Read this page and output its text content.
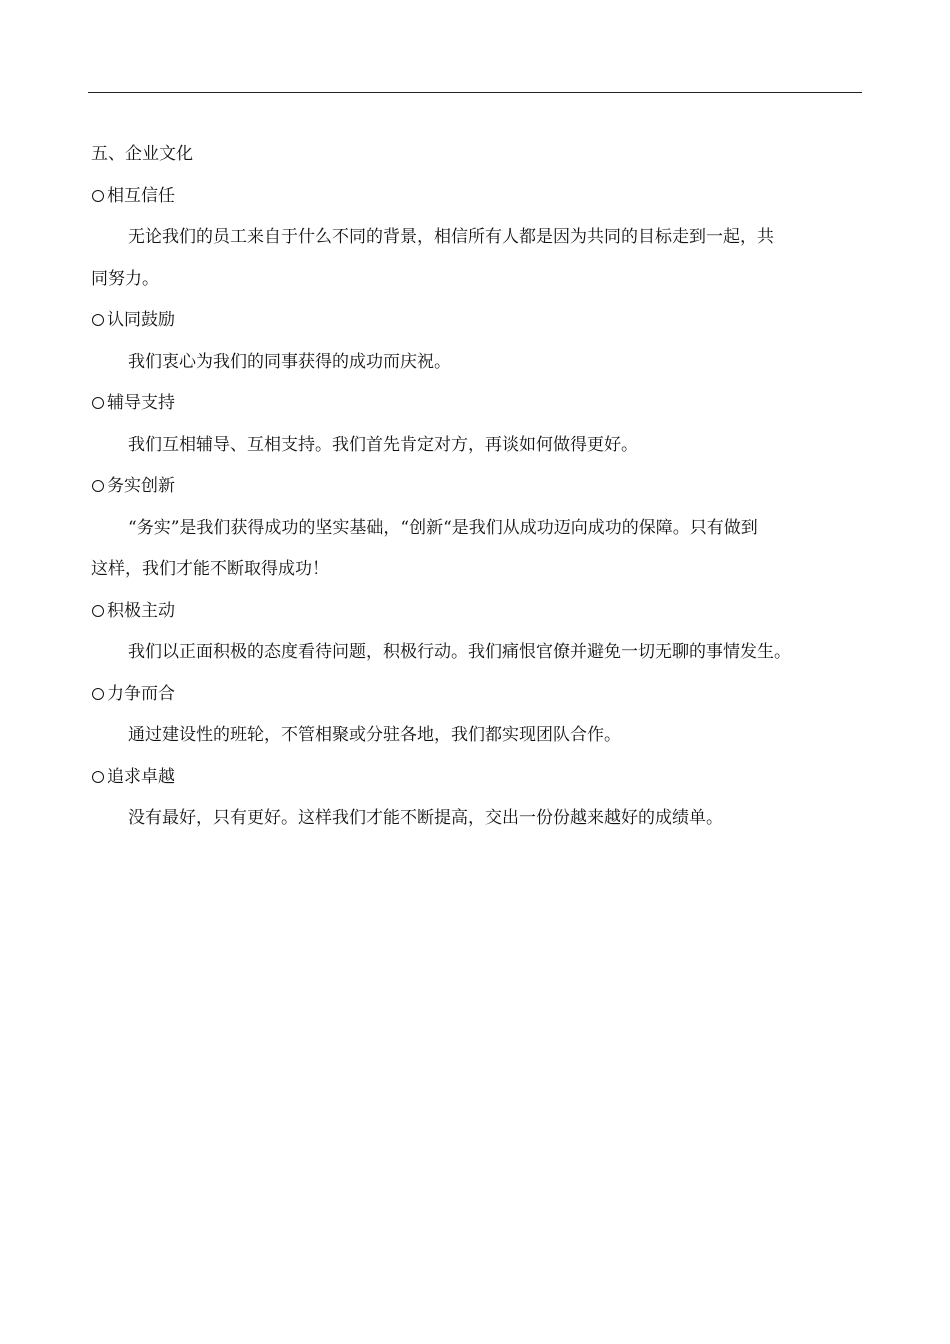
五、企业文化
相互信任
无论我们的员工来自于什么不同的背景，相信所有人都是因为共同的目标走到一起，共
同努力。
认同鼓励
我们衷心为我们的同事获得的成功而庆祝。
辅导支持
我们互相辅导、互相支持。我们首先肯定对方，再谈如何做得更好。
务实创新
“务实”是我们获得成功的坚实基础，“创新“是我们从成功迈向成功的保障。只有做到
这样，我们才能不断取得成功！
积极主动
我们以正面积极的态度看待问题，积极行动。我们痛恨官僚并避免一切无聊的事情发生。
力争而合
通过建设性的班轮，不管相聚或分驻各地，我们都实现团队合作。
追求卓越
没有最好，只有更好。这样我们才能不断提高，交出一份份越来越好的成绩单。
